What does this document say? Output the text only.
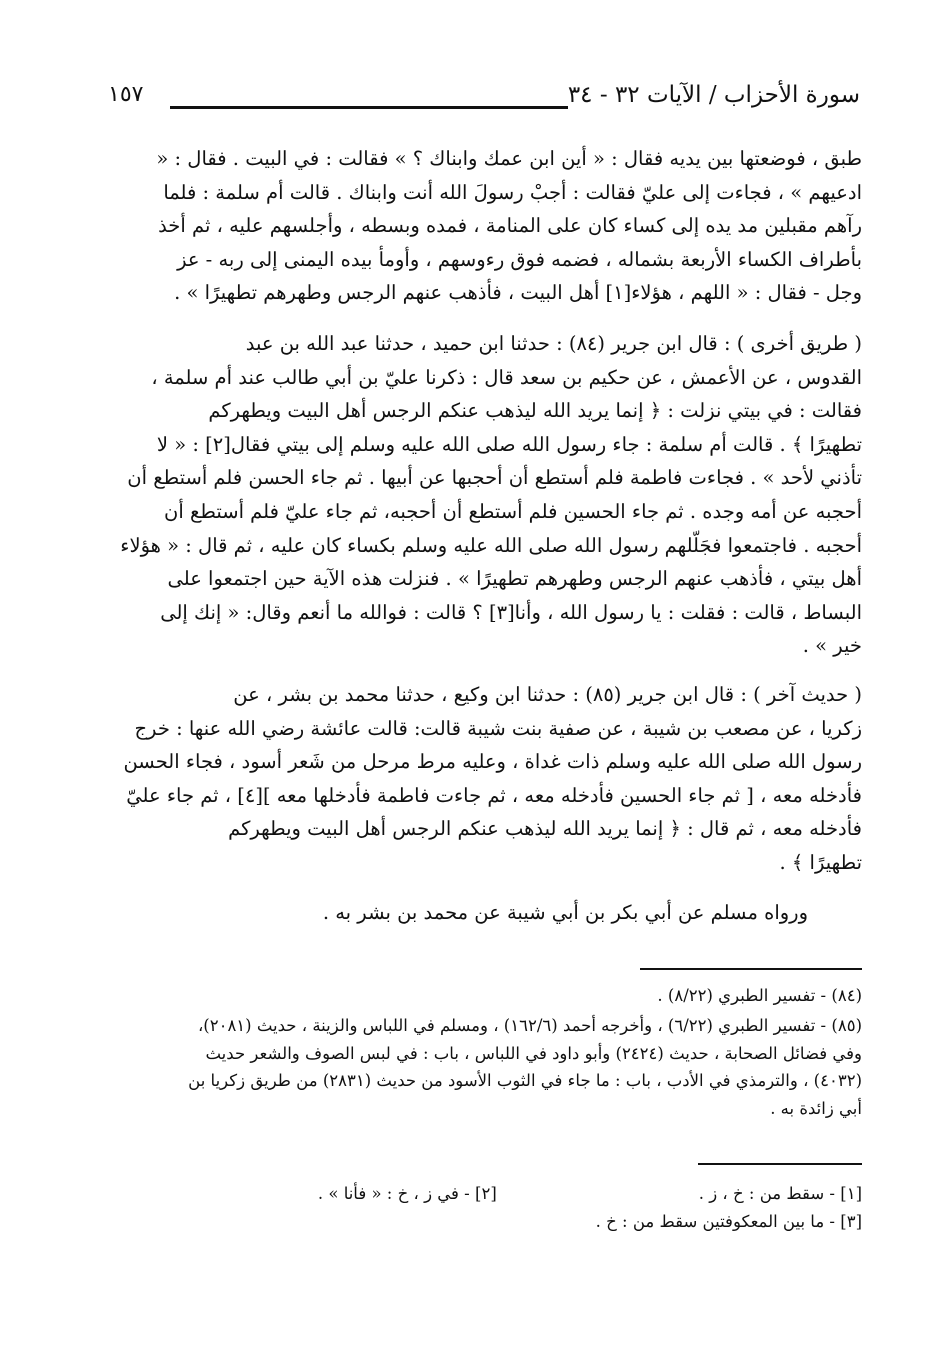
سورة الأحزاب / الآيات ٣٢ - ٣٤
١٥٧
طبق ، فوضعتها بين يديه فقال : « أين ابن عمك وابناك ؟ » فقالت : في البيت . فقال : «
ادعيهم » ، فجاءت إلى عليّ فقالت : أجبْ رسولَ الله أنت وابناك . قالت أم سلمة : فلما
رآهم مقبلين مد يده إلى كساء كان على المنامة ، فمده وبسطه ، وأجلسهم عليه ، ثم أخذ
بأطراف الكساء الأربعة بشماله ، فضمه فوق رءوسهم ، وأومأ بيده اليمنى إلى ربه - عز
وجل - فقال : « اللهم ، هؤلاء[١] أهل البيت ، فأذهب عنهم الرجس وطهرهم تطهيرًا » .
( طريق أخرى ) : قال ابن جرير (٨٤) : حدثنا ابن حميد ، حدثنا عبد الله بن عبد
القدوس ، عن الأعمش ، عن حكيم بن سعد قال : ذكرنا عليّ بن أبي طالب عند أم سلمة ،
فقالت : في بيتي نزلت : ﴿ إنما يريد الله ليذهب عنكم الرجس أهل البيت ويطهركم
تطهيرًا ﴾ . قالت أم سلمة : جاء رسول الله صلى الله عليه وسلم إلى بيتي فقال[٢] : « لا
تأذني لأحد » . فجاءت فاطمة فلم أستطع أن أحجبها عن أبيها . ثم جاء الحسن فلم أستطع أن
أحجبه عن أمه وجده . ثم جاء الحسين فلم أستطع أن أحجبه، ثم جاء عليّ فلم أستطع أن
أحجبه . فاجتمعوا فجَلّلهم رسول الله صلى الله عليه وسلم بكساء كان عليه ، ثم قال : « هؤلاء
أهل بيتي ، فأذهب عنهم الرجس وطهرهم تطهيرًا » . فنزلت هذه الآية حين اجتمعوا على
البساط ، قالت : فقلت : يا رسول الله ، وأنا[٣] ؟ قالت : فوالله ما أنعم وقال: « إنك إلى
خير » .
( حديث آخر ) : قال ابن جرير (٨٥) : حدثنا ابن وكيع ، حدثنا محمد بن بشر ، عن
زكريا ، عن مصعب بن شيبة ، عن صفية بنت شيبة قالت: قالت عائشة رضي الله عنها : خرج
رسول الله صلى الله عليه وسلم ذات غداة ، وعليه مرط مرحل من شَعر أسود ، فجاء الحسن
فأدخله معه ، [ ثم جاء الحسين فأدخله معه ، ثم جاءت فاطمة فأدخلها معه ][٤] ، ثم جاء عليّ
فأدخله معه ، ثم قال : ﴿ إنما يريد الله ليذهب عنكم الرجس أهل البيت ويطهركم
تطهيرًا ﴾ .
ورواه مسلم عن أبي بكر بن أبي شيبة عن محمد بن بشر به .
(٨٤) - تفسير الطبري (٨/٢٢) .
(٨٥) - تفسير الطبري (٦/٢٢) ، وأخرجه أحمد (١٦٢/٦) ، ومسلم في اللباس والزينة ، حديث (٢٠٨١)،
وفي فضائل الصحابة ، حديث (٢٤٢٤) وأبو داود في اللباس ، باب : في لبس الصوف والشعر حديث
(٤٠٣٢) ، والترمذي في الأدب ، باب : ما جاء في الثوب الأسود من حديث (٢٨٣١) من طريق زكريا بن
أبي زائدة به .
[١] - سقط من : خ ، ز . [٢] - في ز ، خ : « فأنا » .
[٣] - ما بين المعكوفتين سقط من : خ .
